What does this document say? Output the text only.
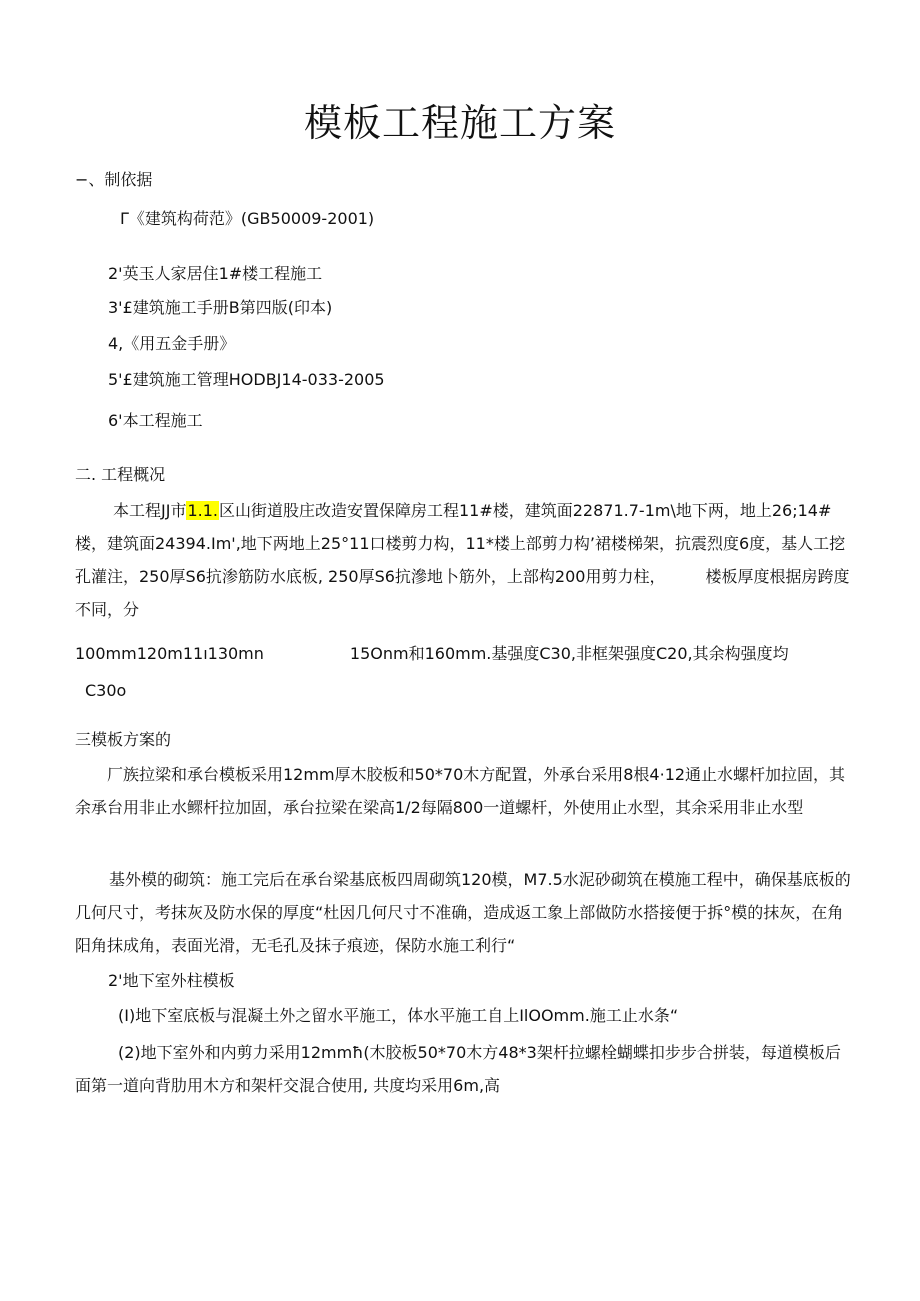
模板工程施工方案
−、制依据
Γ《建筑构荷范》(GB50009-2001)
2'英玉人家居住1#楼工程施工
3'£建筑施工手册B第四版(印本)
4,《用五金手册》
5'£建筑施工管理HODBJ14-033-2005
6'本工程施工
二. 工程概况

本工程JJ市1.1.区山街道股庄改造安置保障房工程11#楼，建筑面22871.7-1m\地下两，地上26;14#楼，建筑面24394.Im',地下两地上25°11口楼剪力构，11*楼上部剪力构’裙楼梯架，抗震烈度6度，基人工挖孔灌注，250厚S6抗渗筋防水底板, 250厚S6抗滲地卜筋外，上部构200用剪力柱，	楼板厚度根据房跨度不同，分

100mm120m11ı130mn	15Onm和160mm.基强度C30,非框架强度C20,其余构强度均
C30o
三模板方案的

厂族拉梁和承台模板采用12mm厚木胶板和50*70木方配置，外承台采用8根4·12通止水螺杆加拉固，其余承台用非止水鳏杆拉加固，承台拉梁在梁高1/2每隔800一道螺杆，外使用止水型，其余采用非止水型

基外模的砌筑：施工完后在承台梁基底板四周砌筑120模，M7.5水泥砂砌筑在模施工程中，确保基底板的几何尺寸，考抹灰及防水保的厚度“杜因几何尺寸不准确，造成返工象上部做防水搭接便于拆°模的抹灰，在角阳角抹成角，表面光滑，无毛孔及抹子痕迹，保防水施工利行“

2'地下室外柱模板
(I)地下室底板与混凝土外之留水平施工，体水平施工自上IlOOmm.施工止水条“

(2)地下室外和内剪力采用12mmħ(木胶板50*70木方48*3架杆拉螺栓蝴蝶扣步步合拼装，每道模板后面第一道向背肋用木方和架杆交混合使用, 共度均采用6m,高
